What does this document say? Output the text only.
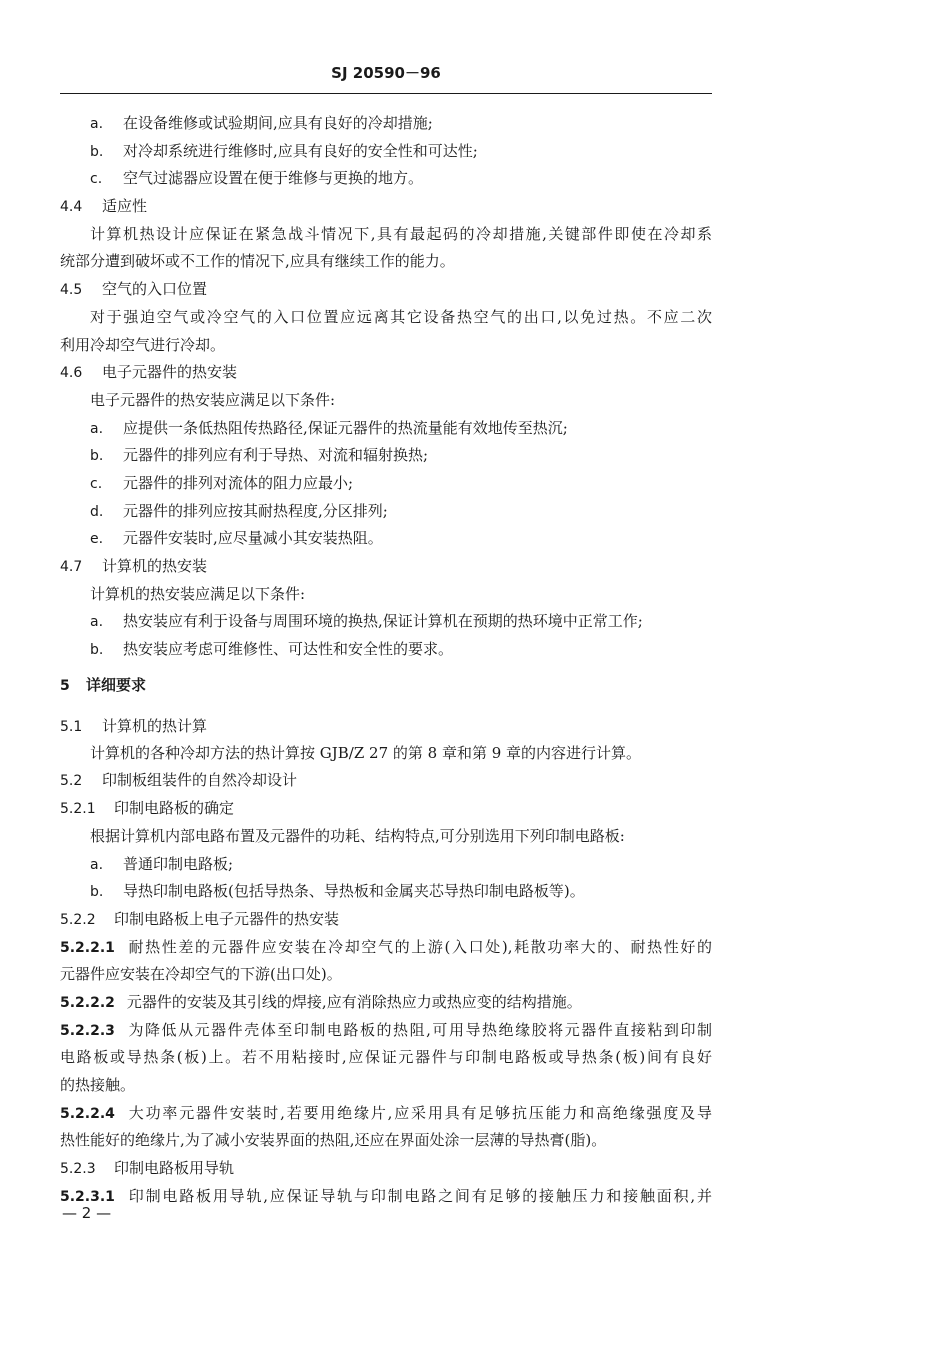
SJ 20590－96
a. 在设备维修或试验期间,应具有良好的冷却措施;
b. 对冷却系统进行维修时,应具有良好的安全性和可达性;
c. 空气过滤器应设置在便于维修与更换的地方。
4.4 适应性
计算机热设计应保证在紧急战斗情况下,具有最起码的冷却措施,关键部件即使在冷却系
统部分遭到破坏或不工作的情况下,应具有继续工作的能力。
4.5 空气的入口位置
对于强迫空气或冷空气的入口位置应远离其它设备热空气的出口,以免过热。不应二次
利用冷却空气进行冷却。
4.6 电子元器件的热安装
电子元器件的热安装应满足以下条件:
a. 应提供一条低热阻传热路径,保证元器件的热流量能有效地传至热沉;
b. 元器件的排列应有利于导热、对流和辐射换热;
c. 元器件的排列对流体的阻力应最小;
d. 元器件的排列应按其耐热程度,分区排列;
e. 元器件安装时,应尽量减小其安装热阻。
4.7 计算机的热安装
计算机的热安装应满足以下条件:
a. 热安装应有利于设备与周围环境的换热,保证计算机在预期的热环境中正常工作;
b. 热安装应考虑可维修性、可达性和安全性的要求。
5 详细要求
5.1 计算机的热计算
计算机的各种冷却方法的热计算按 GJB/Z 27 的第 8 章和第 9 章的内容进行计算。
5.2 印制板组装件的自然冷却设计
5.2.1 印制电路板的确定
根据计算机内部电路布置及元器件的功耗、结构特点,可分别选用下列印制电路板:
a. 普通印制电路板;
b. 导热印制电路板(包括导热条、导热板和金属夹芯导热印制电路板等)。
5.2.2 印制电路板上电子元器件的热安装
5.2.2.1 耐热性差的元器件应安装在冷却空气的上游(入口处),耗散功率大的、耐热性好的
元器件应安装在冷却空气的下游(出口处)。
5.2.2.2 元器件的安装及其引线的焊接,应有消除热应力或热应变的结构措施。
5.2.2.3 为降低从元器件壳体至印制电路板的热阻,可用导热绝缘胶将元器件直接粘到印制
电路板或导热条(板)上。若不用粘接时,应保证元器件与印制电路板或导热条(板)间有良好
的热接触。
5.2.2.4 大功率元器件安装时,若要用绝缘片,应采用具有足够抗压能力和高绝缘强度及导
热性能好的绝缘片,为了减小安装界面的热阻,还应在界面处涂一层薄的导热膏(脂)。
5.2.3 印制电路板用导轨
5.2.3.1 印制电路板用导轨,应保证导轨与印制电路之间有足够的接触压力和接触面积,并
— 2 —
